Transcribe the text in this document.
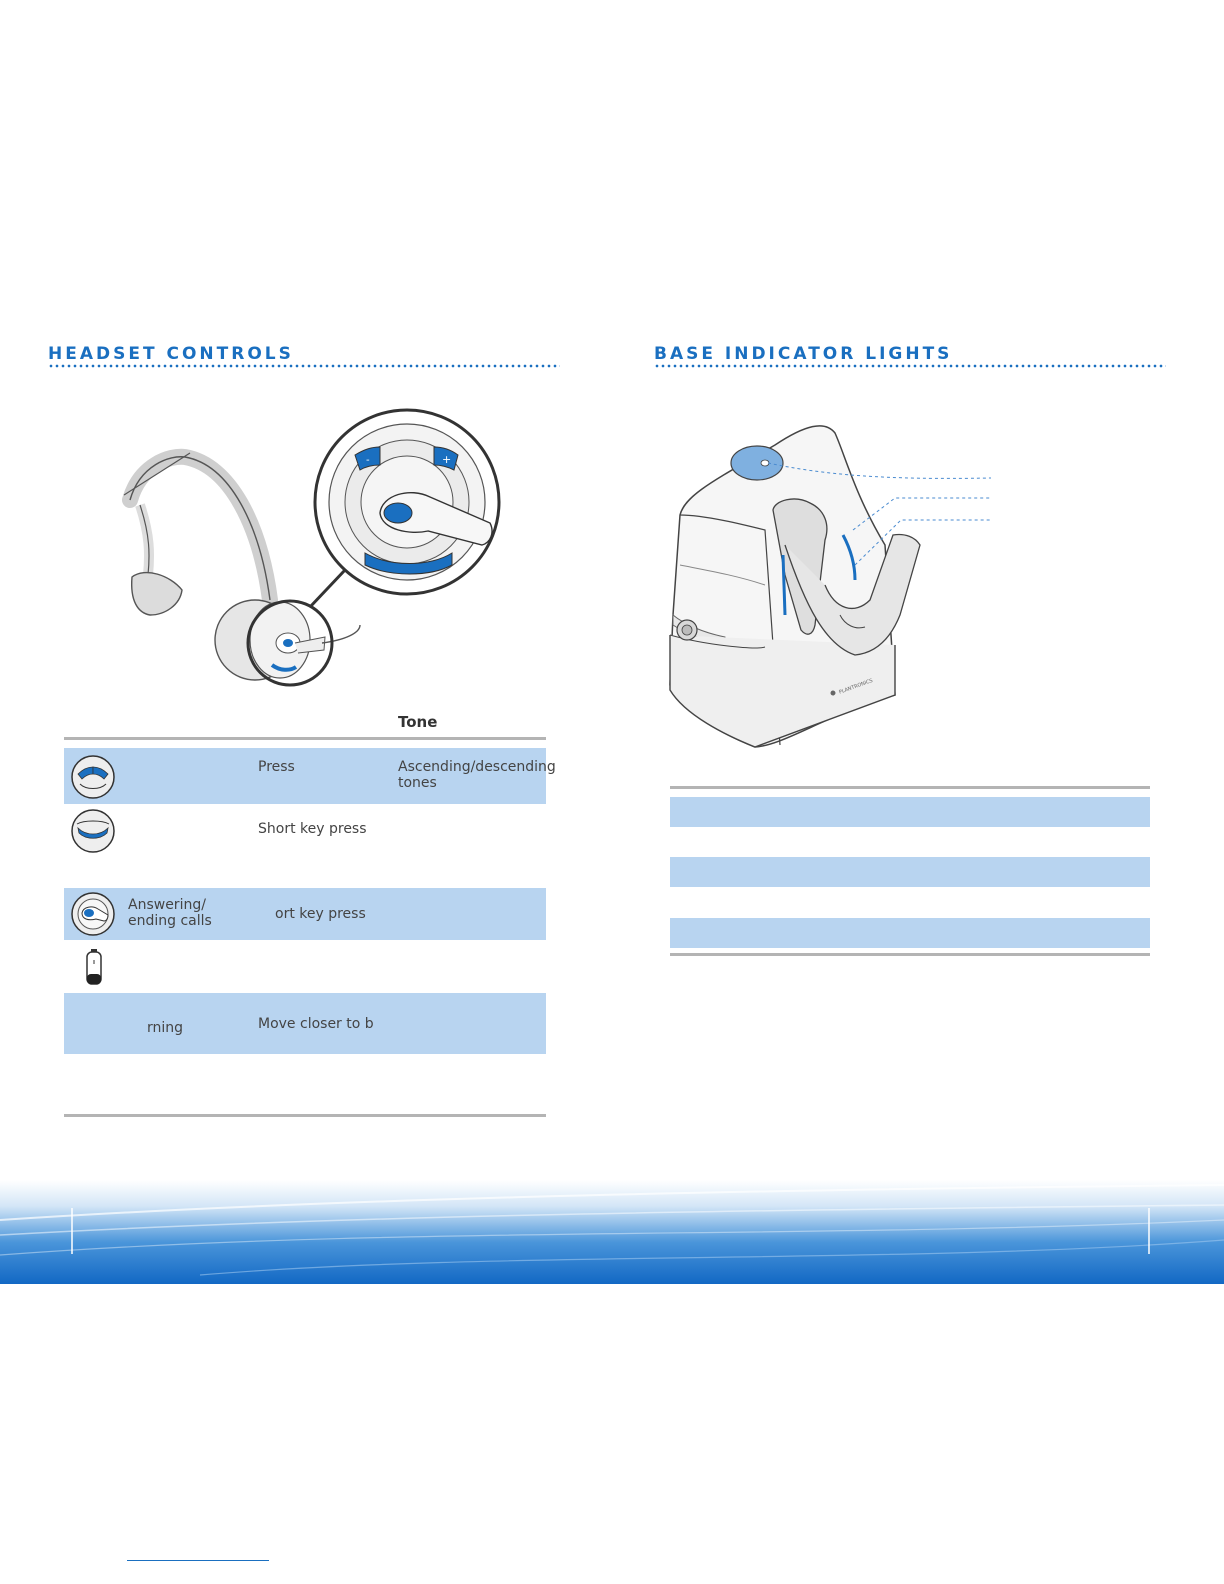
HEADSET CONTROLS
-	+
Tone
Press	Ascending/descending
tones
Short key press
Answering/
ending calls	ort key press
rning	Move closer to b
BASE INDICATOR LIGHTS
PLANTRONICS
